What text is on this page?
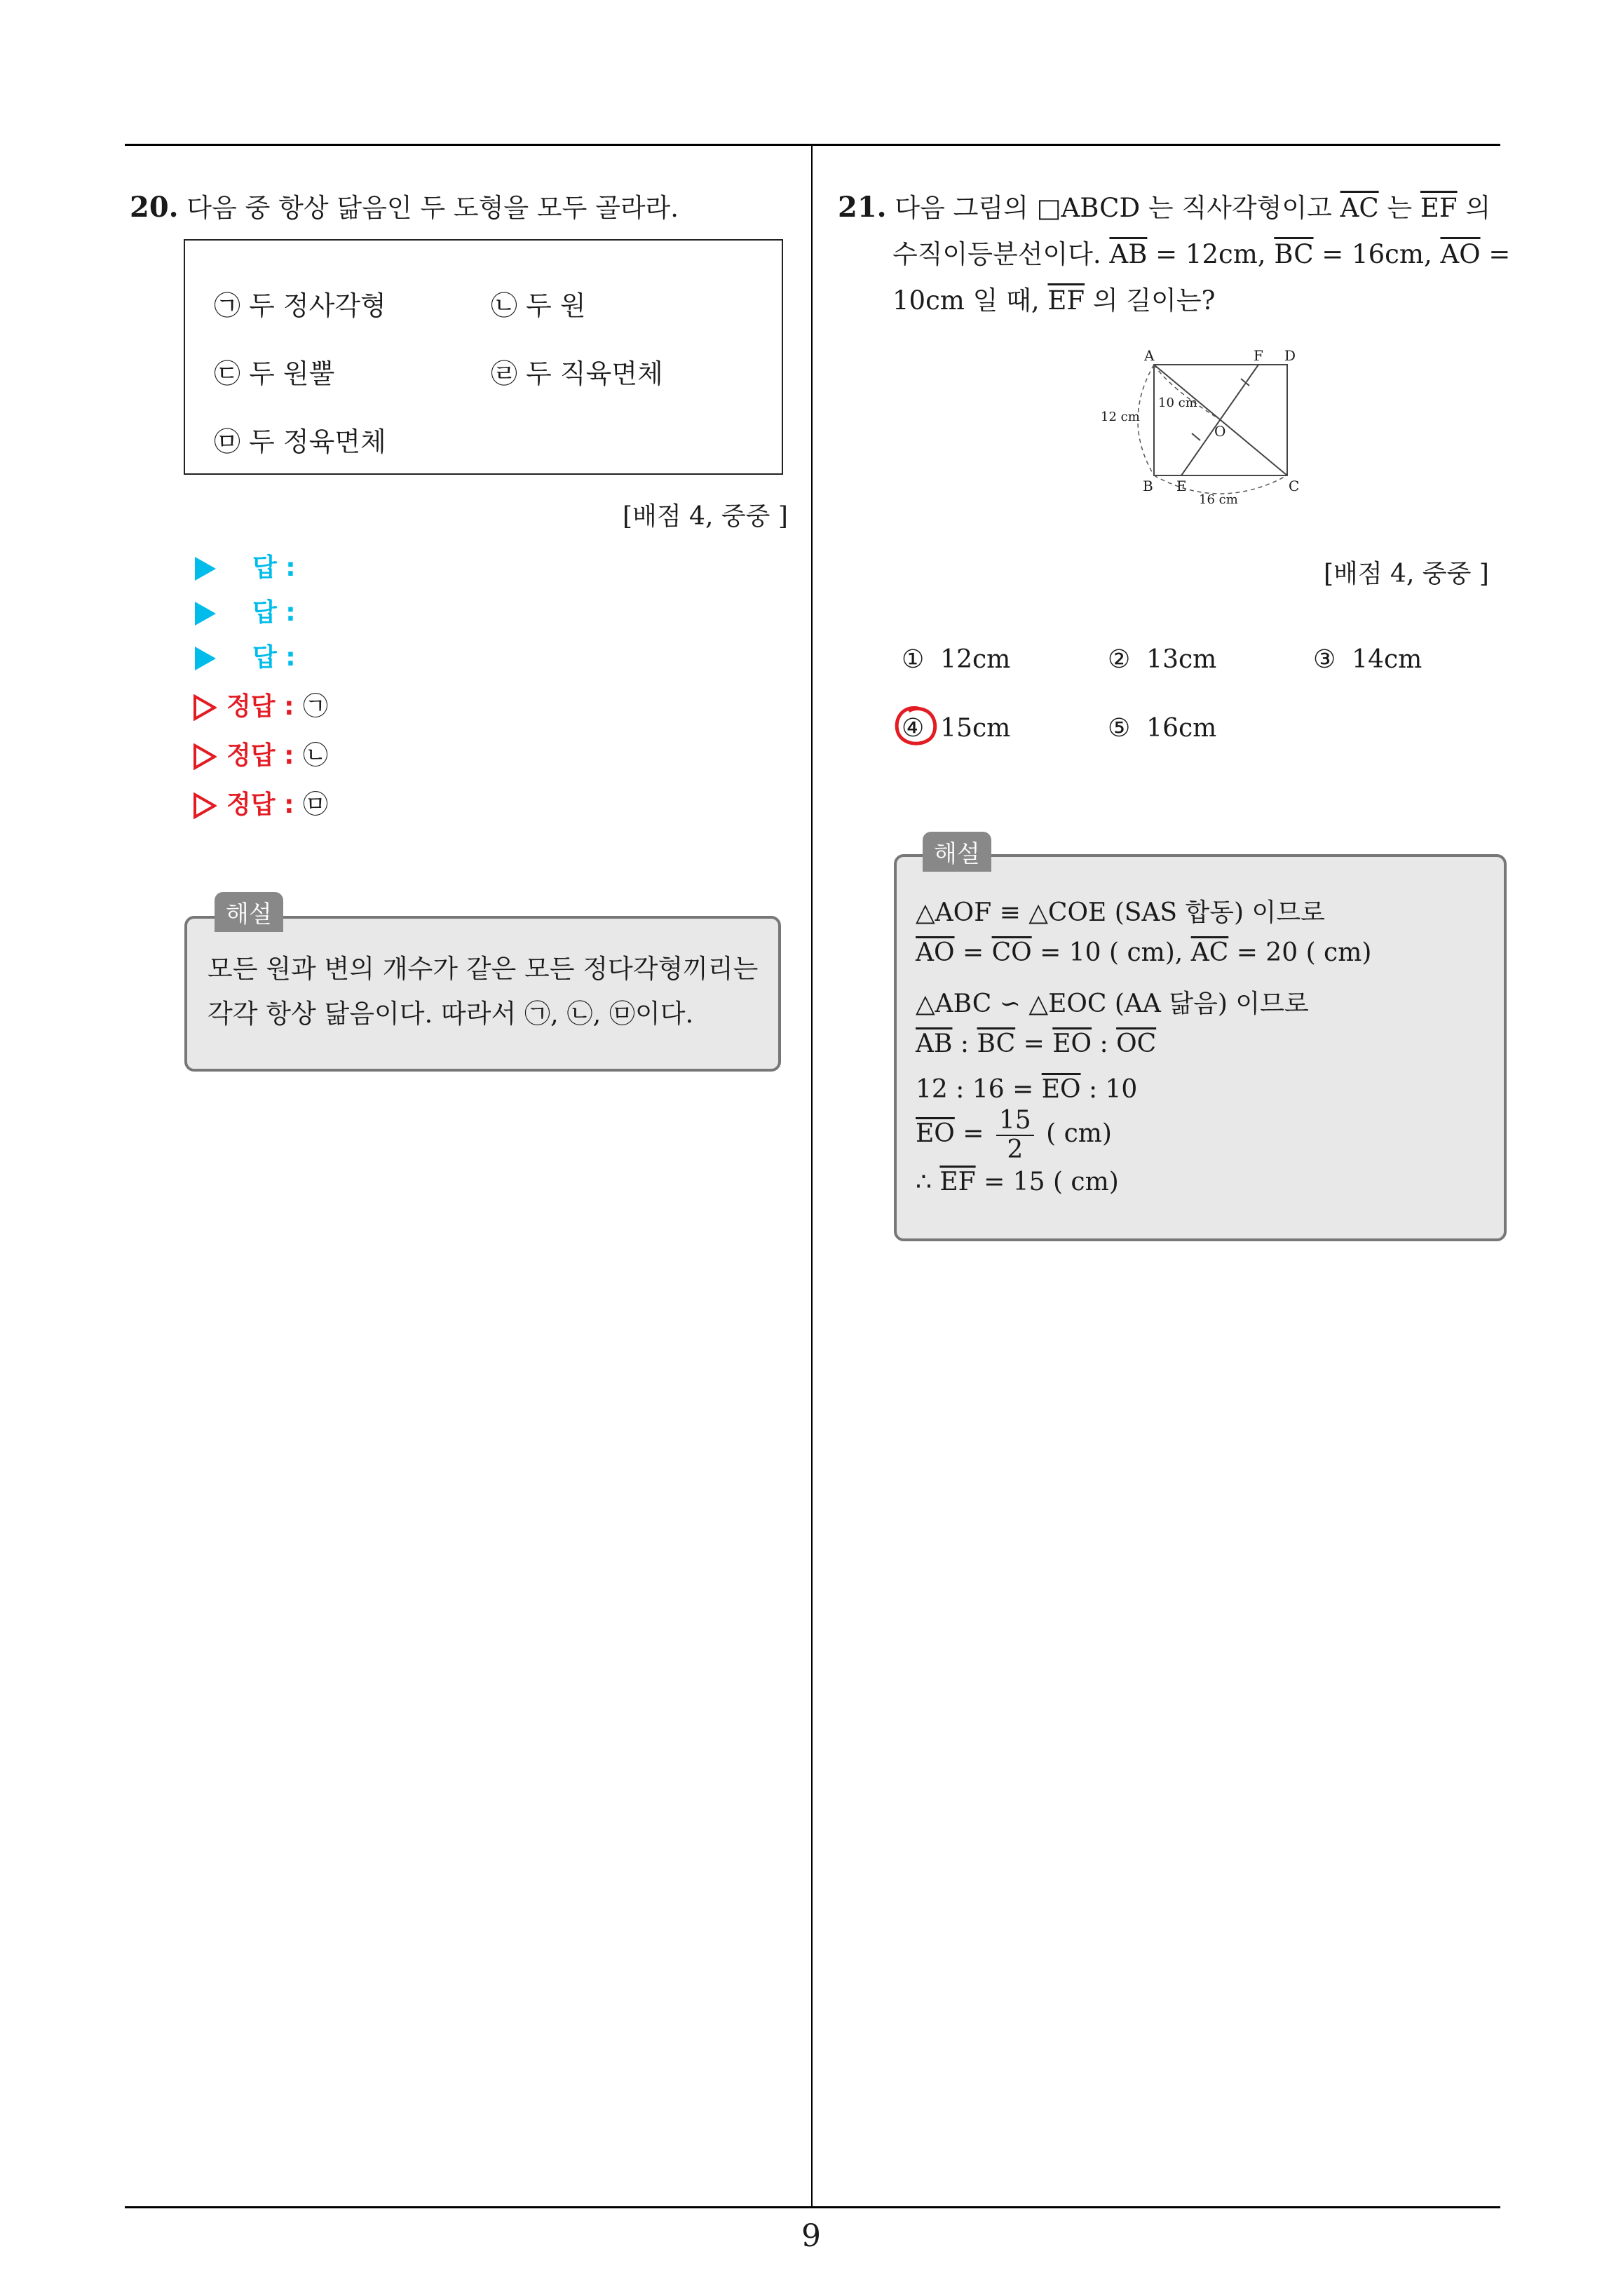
20. 다음 중 항상 닮음인 두 도형을 모두 골라라.
㉠ 두 정사각형	㉡ 두 원
㉢ 두 원뿔	㉣ 두 직육면체
㉤ 두 정육면체
[배점 4, 중중 ]
답 :
답 :
답 :
정답 : ㉠
정답 : ㉡
정답 : ㉤
해설
모든 원과 변의 개수가 같은 모든 정다각형끼리는
각각 항상 닮음이다. 따라서 ㉠, ㉡, ㉤이다.
21. 다음 그림의 □ABCD 는 직사각형이고 $\overline{AC}$ 는 $\overline{EF}$ 의
수직이등분선이다. $\overline{AB} = 12cm$, $\overline{BC} = 16cm$, $\overline{AO}$ =
10cm 일 때, $\overline{EF}$ 의 길이는?
A	F D
B E	C
O
12 cm
10 cm
16 cm
[배점 4, 중중 ]
① 12cm	② 13cm	③ 14cm
④ 15cm	⑤ 16cm
해설
△AOF ≡ △COE (SAS 합동) 이므로
$\overline{AO} = \overline{CO} = 10$ ( cm), $\overline{AC} = 20$ ( cm)
△ABC ∽ △EOC (AA 닮음) 이므로
$\overline{AB}$ : $\overline{BC} = \overline{EO}$ : $\overline{OC}$
12 : $16 = \overline{EO}$ : 10
$\overline{EO} = \frac{15}{2}$ ( cm)
∴ $\overline{EF} = 15$ ( cm)
9
